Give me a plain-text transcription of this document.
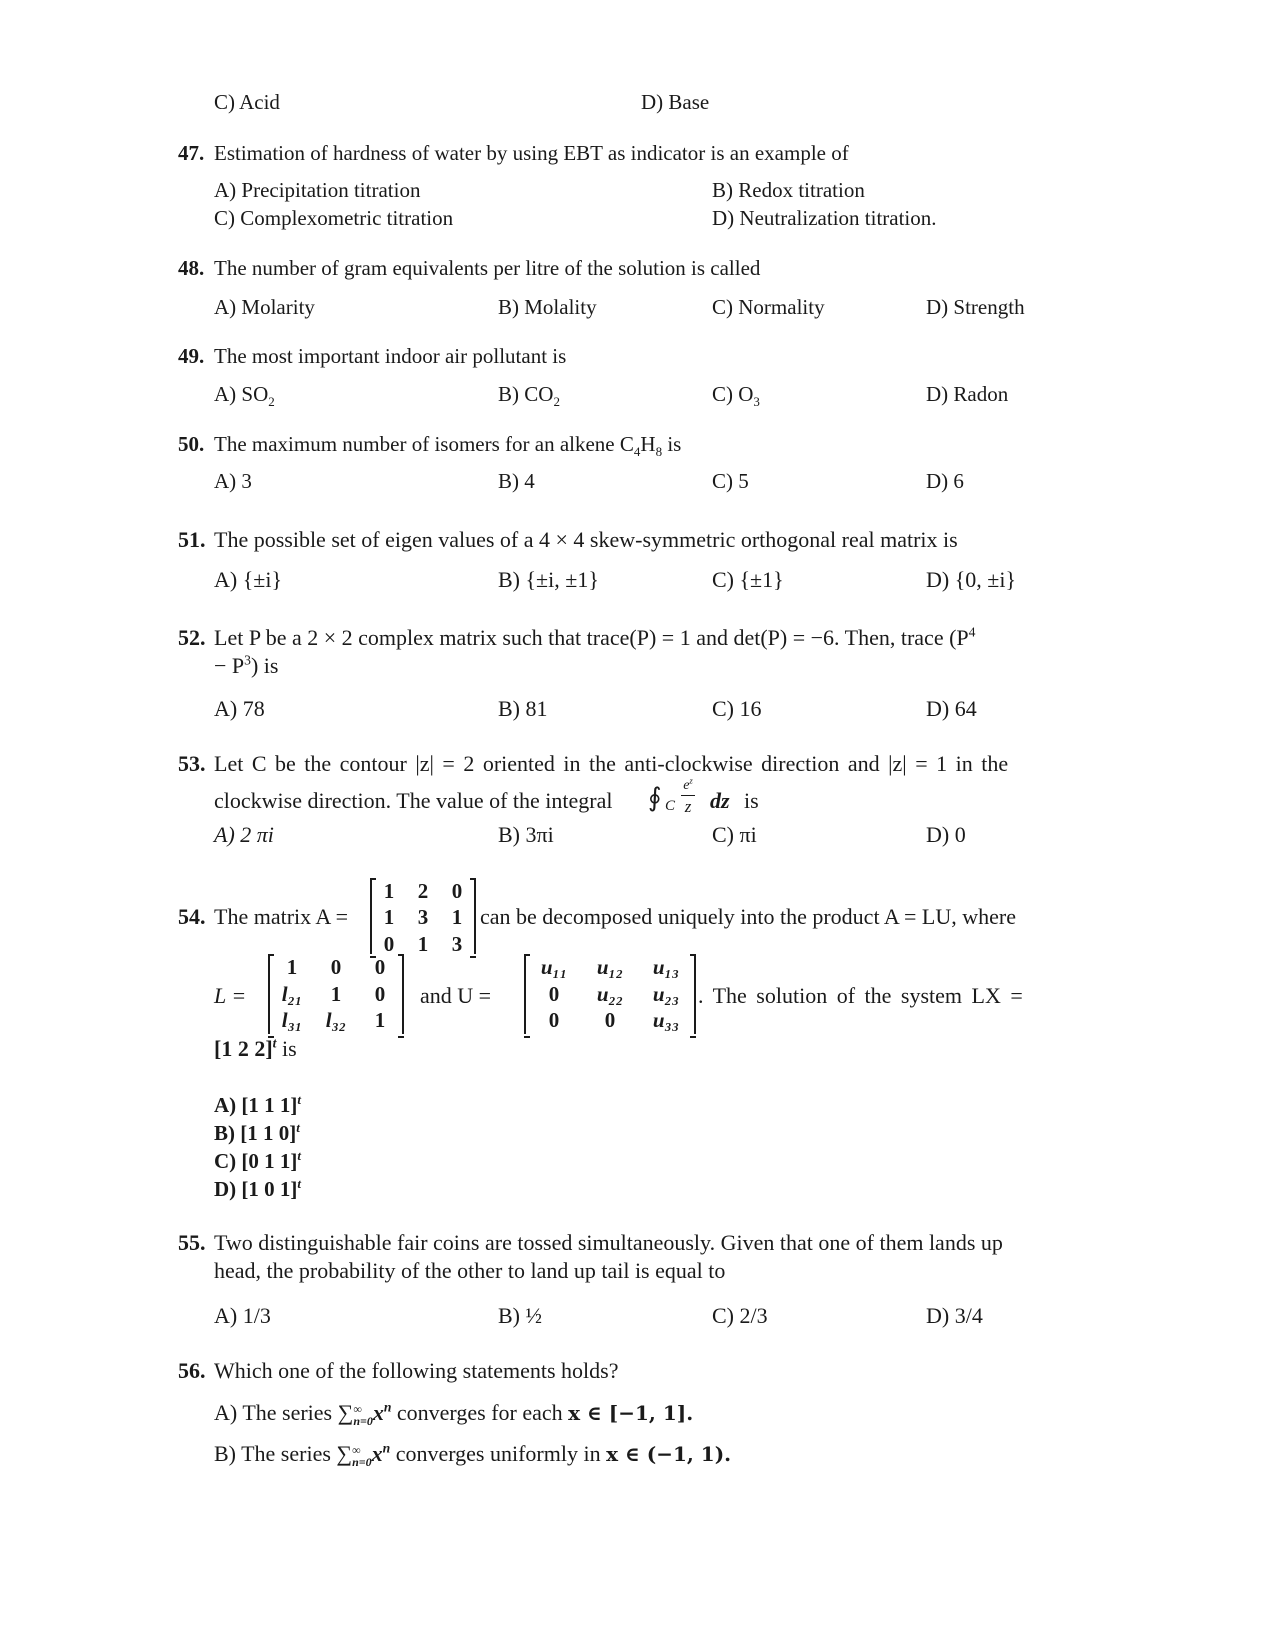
C) Acid	D) Base
47. Estimation of hardness of water by using EBT as indicator is an example of
A) Precipitation titration	B) Redox titration
C) Complexometric titration	D) Neutralization titration.
48. The number of gram equivalents per litre of the solution is called
A) Molarity	B) Molality	C) Normality	D) Strength
49. The most important indoor air pollutant is
A) $SO_2$	B) $CO_2$	C) $O_3$	D) Radon
50. The maximum number of isomers for an alkene $C_4H_8$ is
A) 3	B) 4	C) 5	D) 6
51. The possible set of eigen values of a 4 × 4 skew-symmetric orthogonal real matrix is
A) {±i}	B) {±i, ±1}	C) {±1}	D) {0, ±i}
52. Let P be a 2 × 2 complex matrix such that trace(P) = 1 and det(P) = −6. Then, trace ($P^4$
− $P^3$) is
A) 78	B) 81	C) 16	D) 64
53. Let C be the contour |z| = 2 oriented in the anti-clockwise direction and |z| = 1 in the
clockwise direction. The value of the integral ∮ C
$e^z$
z dz is
A) 2 πi	B) 3πi	C) πi	D) 0
54. The matrix A =
1	2	0
1	3	1
0	1	3
can be decomposed uniquely into the product A = LU, where
L =
1	0	0
l₂₁	1	0
l₃₁	l₃₂	1
and U =
u₁₁	u₁₂	u₁₃
0	u₂₂	u₂₃
0	0	u₃₃
. The solution of the system LX =
[1 2 2]$^t$ is
A) [1 1 1]$^t$
B) [1 1 0]$^t$
C) [0 1 1]$^t$
D) [1 0 1]$^t$
55. Two distinguishable fair coins are tossed simultaneously. Given that one of them lands up
head, the probability of the other to land up tail is equal to
A) 1/3	B) ½	C) 2/3	D) 3/4
56. Which one of the following statements holds?
A) The series ∑ ∞
n=0 $x^n$ converges for each x ∈ [−1, 1].
B) The series ∑ ∞
n=0 $x^n$ converges uniformly in x ∈ (−1, 1).
